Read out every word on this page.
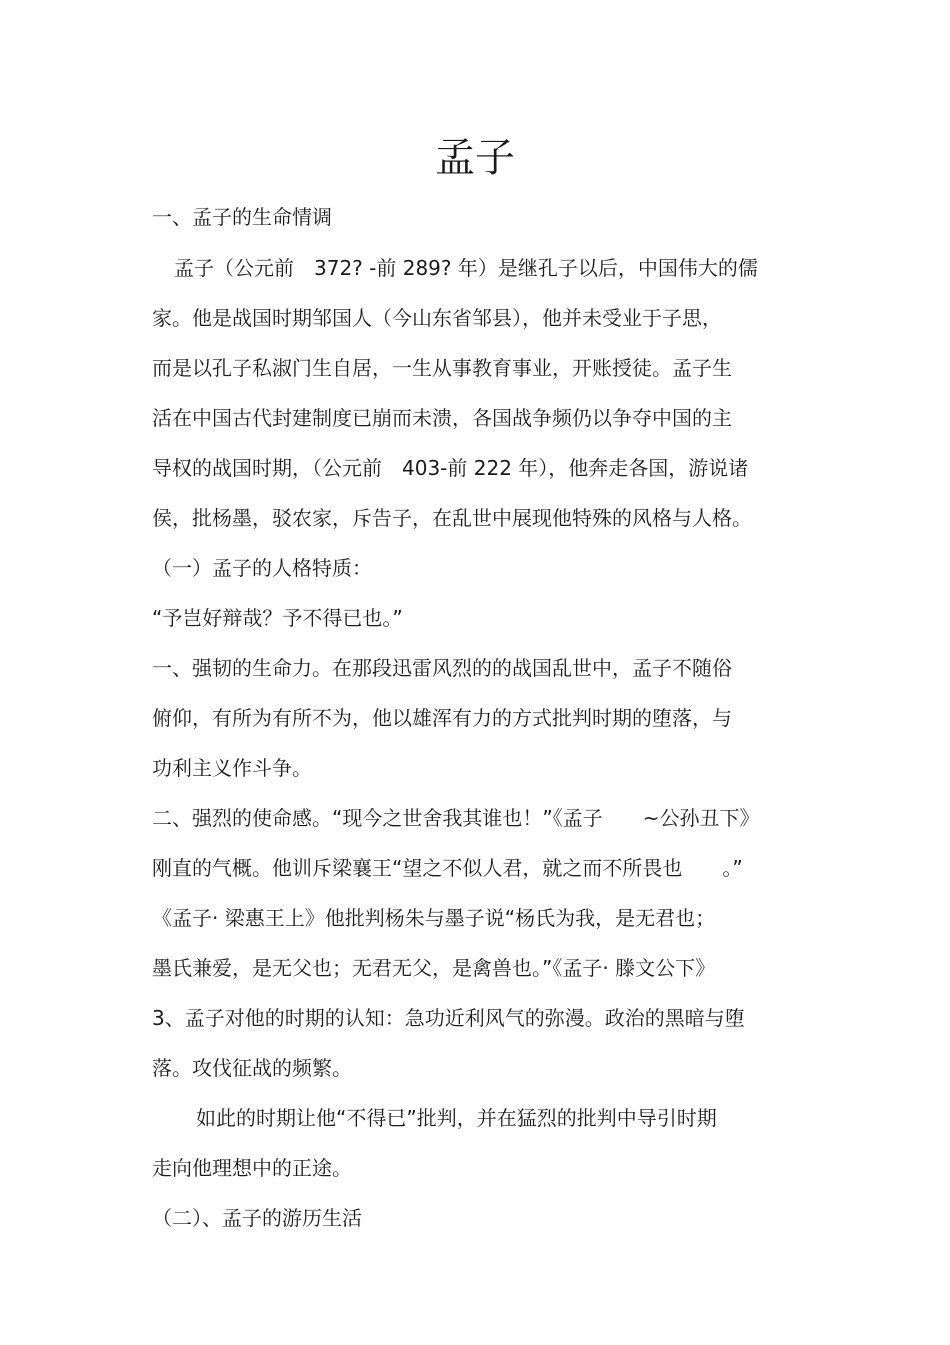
孟子
一、孟子的生命情调
孟子（公元前　372? -前 289? 年）是继孔子以后，中国伟大的儒
家。他是战国时期邹国人（今山东省邹县），他并未受业于子思，
而是以孔子私淑门生自居，一生从事教育事业，开账授徒。孟子生
活在中国古代封建制度已崩而未溃，各国战争频仍以争夺中国的主
导权的战国时期，（公元前　403-前 222 年），他奔走各国，游说诸
侯，批杨墨，驳农家，斥告子，在乱世中展现他特殊的风格与人格。
（一）孟子的人格特质：
“予岂好辩哉？予不得已也。”
一、强韧的生命力。在那段迅雷风烈的的战国乱世中，孟子不随俗
俯仰，有所为有所不为，他以雄浑有力的方式批判时期的堕落，与
功利主义作斗争。
二、强烈的使命感。“现今之世舍我其谁也！”《孟子　　~公孙丑下》
刚直的气概。他训斥梁襄王“望之不似人君，就之而不所畏也　　。”
《孟子· 梁惠王上》他批判杨朱与墨子说“杨氏为我，是无君也；
墨氏兼爱，是无父也；无君无父，是禽兽也。”《孟子· 滕文公下》
3、孟子对他的时期的认知：急功近利风气的弥漫。政治的黑暗与堕
落。攻伐征战的频繁。
如此的时期让他“不得已”批判，并在猛烈的批判中导引时期
走向他理想中的正途。
（二）、孟子的游历生活
